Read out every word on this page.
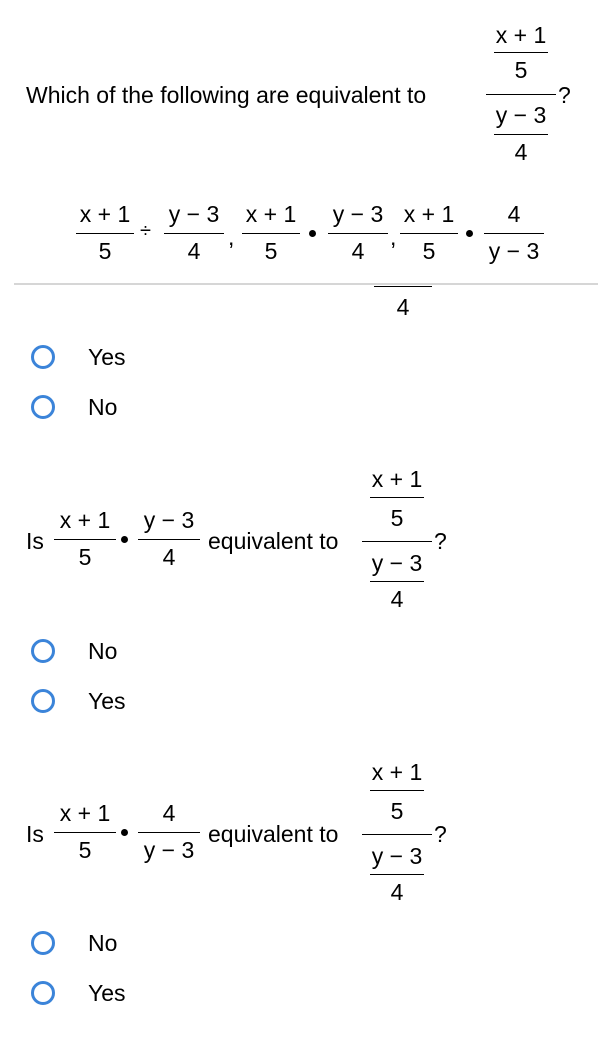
Which of the following are equivalent to
x + 1
5
y − 3
4
?
x + 1
5
÷
y − 3
4
,
x + 1
5
y − 3
4
,
x + 1
5
4
y − 3
4
Yes
No
Is
x + 1
5
y − 3
4
equivalent to
x + 1
5
y − 3
4
?
No
Yes
Is
x + 1
5
4
y − 3
equivalent to
x + 1
5
y − 3
4
?
No
Yes
